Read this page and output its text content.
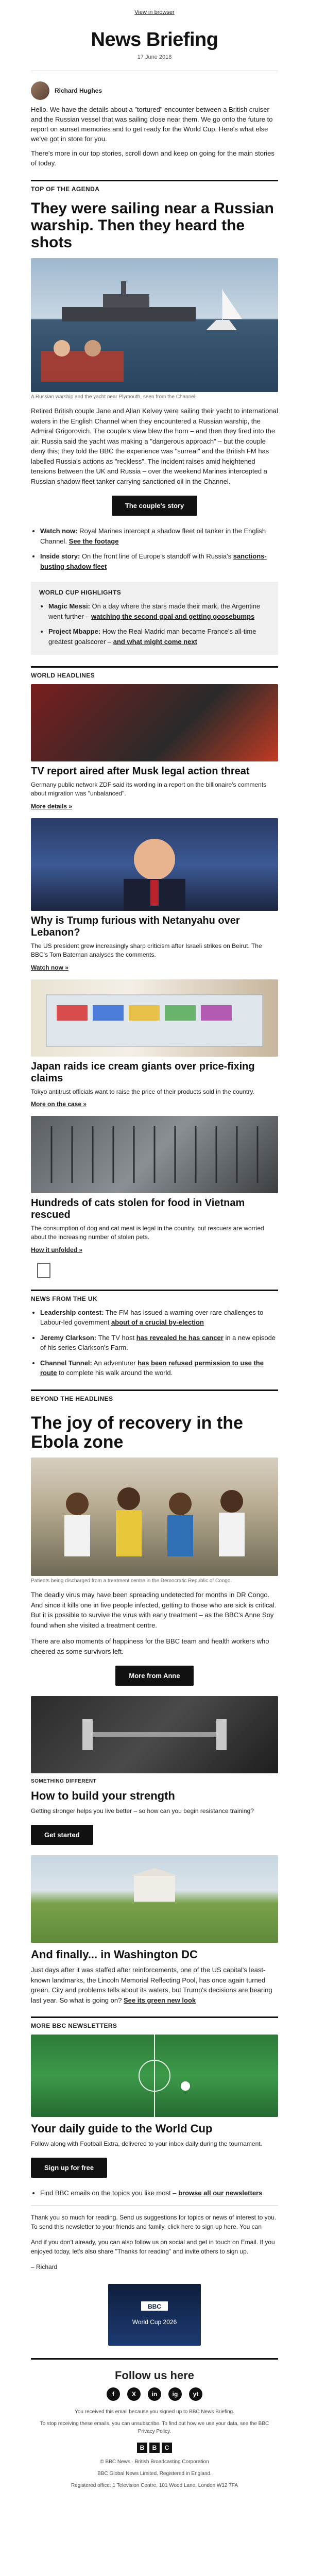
View in browser
News Briefing
17 June 2018
Richard Hughes

Hello. We have the details about a "tortured" encounter between a British cruiser and the Russian vessel that was sailing close near them. We go onto the future to report on sunset memories and to get ready for the World Cup. Here's what else we've got in store for you.

There's more in our top stories, scroll down and keep on going for the main stories of today.

TOP OF THE AGENDA
They were sailing near a Russian warship. Then they heard the shots
A Russian warship and the yacht near Plymouth, seen from the Channel.

Retired British couple Jane and Allan Kelvey were sailing their yacht to international waters in the English Channel when they encountered a Russian warship, the Admiral Grigorovich. The couple's view blew the horn – and then they fired into the air. Russia said the yacht was making a "dangerous approach" – but the couple deny this; they told the BBC the experience was "surreal" and the British FM has labelled Russia's actions as "reckless". The incident raises amid heightened tensions between the UK and Russia – over the weekend Marines intercepted a Russian shadow fleet tanker carrying sanctioned oil in the Channel.

The couple's story
• Watch now: Royal Marines intercept a shadow fleet oil tanker in the English Channel. See the footage
• Inside story: On the front line of Europe's standoff with Russia's sanctions-busting shadow fleet
WORLD CUP HIGHLIGHTS
• Magic Messi: On a day where the stars made their mark, the Argentine went further – watching the second goal and getting goosebumps
• Project Mbappe: How the Real Madrid man became France's all-time greatest goalscorer – and what might come next
WORLD HEADLINES
TV report aired after Musk legal action threat

Germany public network ZDF said its wording in a report on the billionaire's comments about migration was "unbalanced".

More details »
Why is Trump furious with Netanyahu over Lebanon?

The US president grew increasingly sharp criticism after Israeli strikes on Beirut. The BBC's Tom Bateman analyses the comments.

Watch now »
Japan raids ice cream giants over price-fixing claims

Tokyo antitrust officials want to raise the price of their products sold in the country.

More on the case »
Hundreds of cats stolen for food in Vietnam rescued

The consumption of dog and cat meat is legal in the country, but rescuers are worried about the increasing number of stolen pets.

How it unfolded »
NEWS FROM THE UK
• Leadership contest: The FM has issued a warning over rare challenges to Labour-led government about of a crucial by-election
• Jeremy Clarkson: The TV host has revealed he has cancer in a new episode of his series Clarkson's Farm.
• Channel Tunnel: An adventurer has been refused permission to use the route to complete his walk around the world.
BEYOND THE HEADLINES
The joy of recovery in the Ebola zone
Patients being discharged from a treatment centre in the Democratic Republic of Congo.

The deadly virus may have been spreading undetected for months in DR Congo. And since it kills one in five people infected, getting to those who are sick is critical. But it is possible to survive the virus with early treatment – as the BBC's Anne Soy found when she visited a treatment centre.

There are also moments of happiness for the BBC team and health workers who cheered as some survivors left.

More from Anne
SOMETHING DIFFERENT
How to build your strength

Getting stronger helps you live better – so how can you begin resistance training?

Get started
And finally... in Washington DC

Just days after it was staffed after reinforcements, one of the US capital's least-known landmarks, the Lincoln Memorial Reflecting Pool, has once again turned green. City and problems tells about its waters, but Trump's decisions are hearing last year. So what is going on? See its green new look

MORE BBC NEWSLETTERS
Your daily guide to the World Cup

Follow along with Football Extra, delivered to your inbox daily during the tournament.

Sign up for free
• Find BBC emails on the topics you like most – browse all our newsletters

Thank you so much for reading. Send us suggestions for topics or news of interest to you. To send this newsletter to your friends and family, click here to sign up here. You can

And if you don't already, you can also follow us on social and get in touch on Email. If you enjoyed today, let's also share "Thanks for reading" and invite others to sign up.

– Richard

BBC
World Cup 2026
Follow us here
f	X	in	ig	yt

You received this email because you signed up to BBC News Briefing.

To stop receiving these emails, you can unsubscribe. To find out how we use your data, see the BBC Privacy Policy.

B	B	C

© BBC News · British Broadcasting Corporation

BBC Global News Limited. Registered in England.

Registered office: 1 Television Centre, 101 Wood Lane, London W12 7FA
